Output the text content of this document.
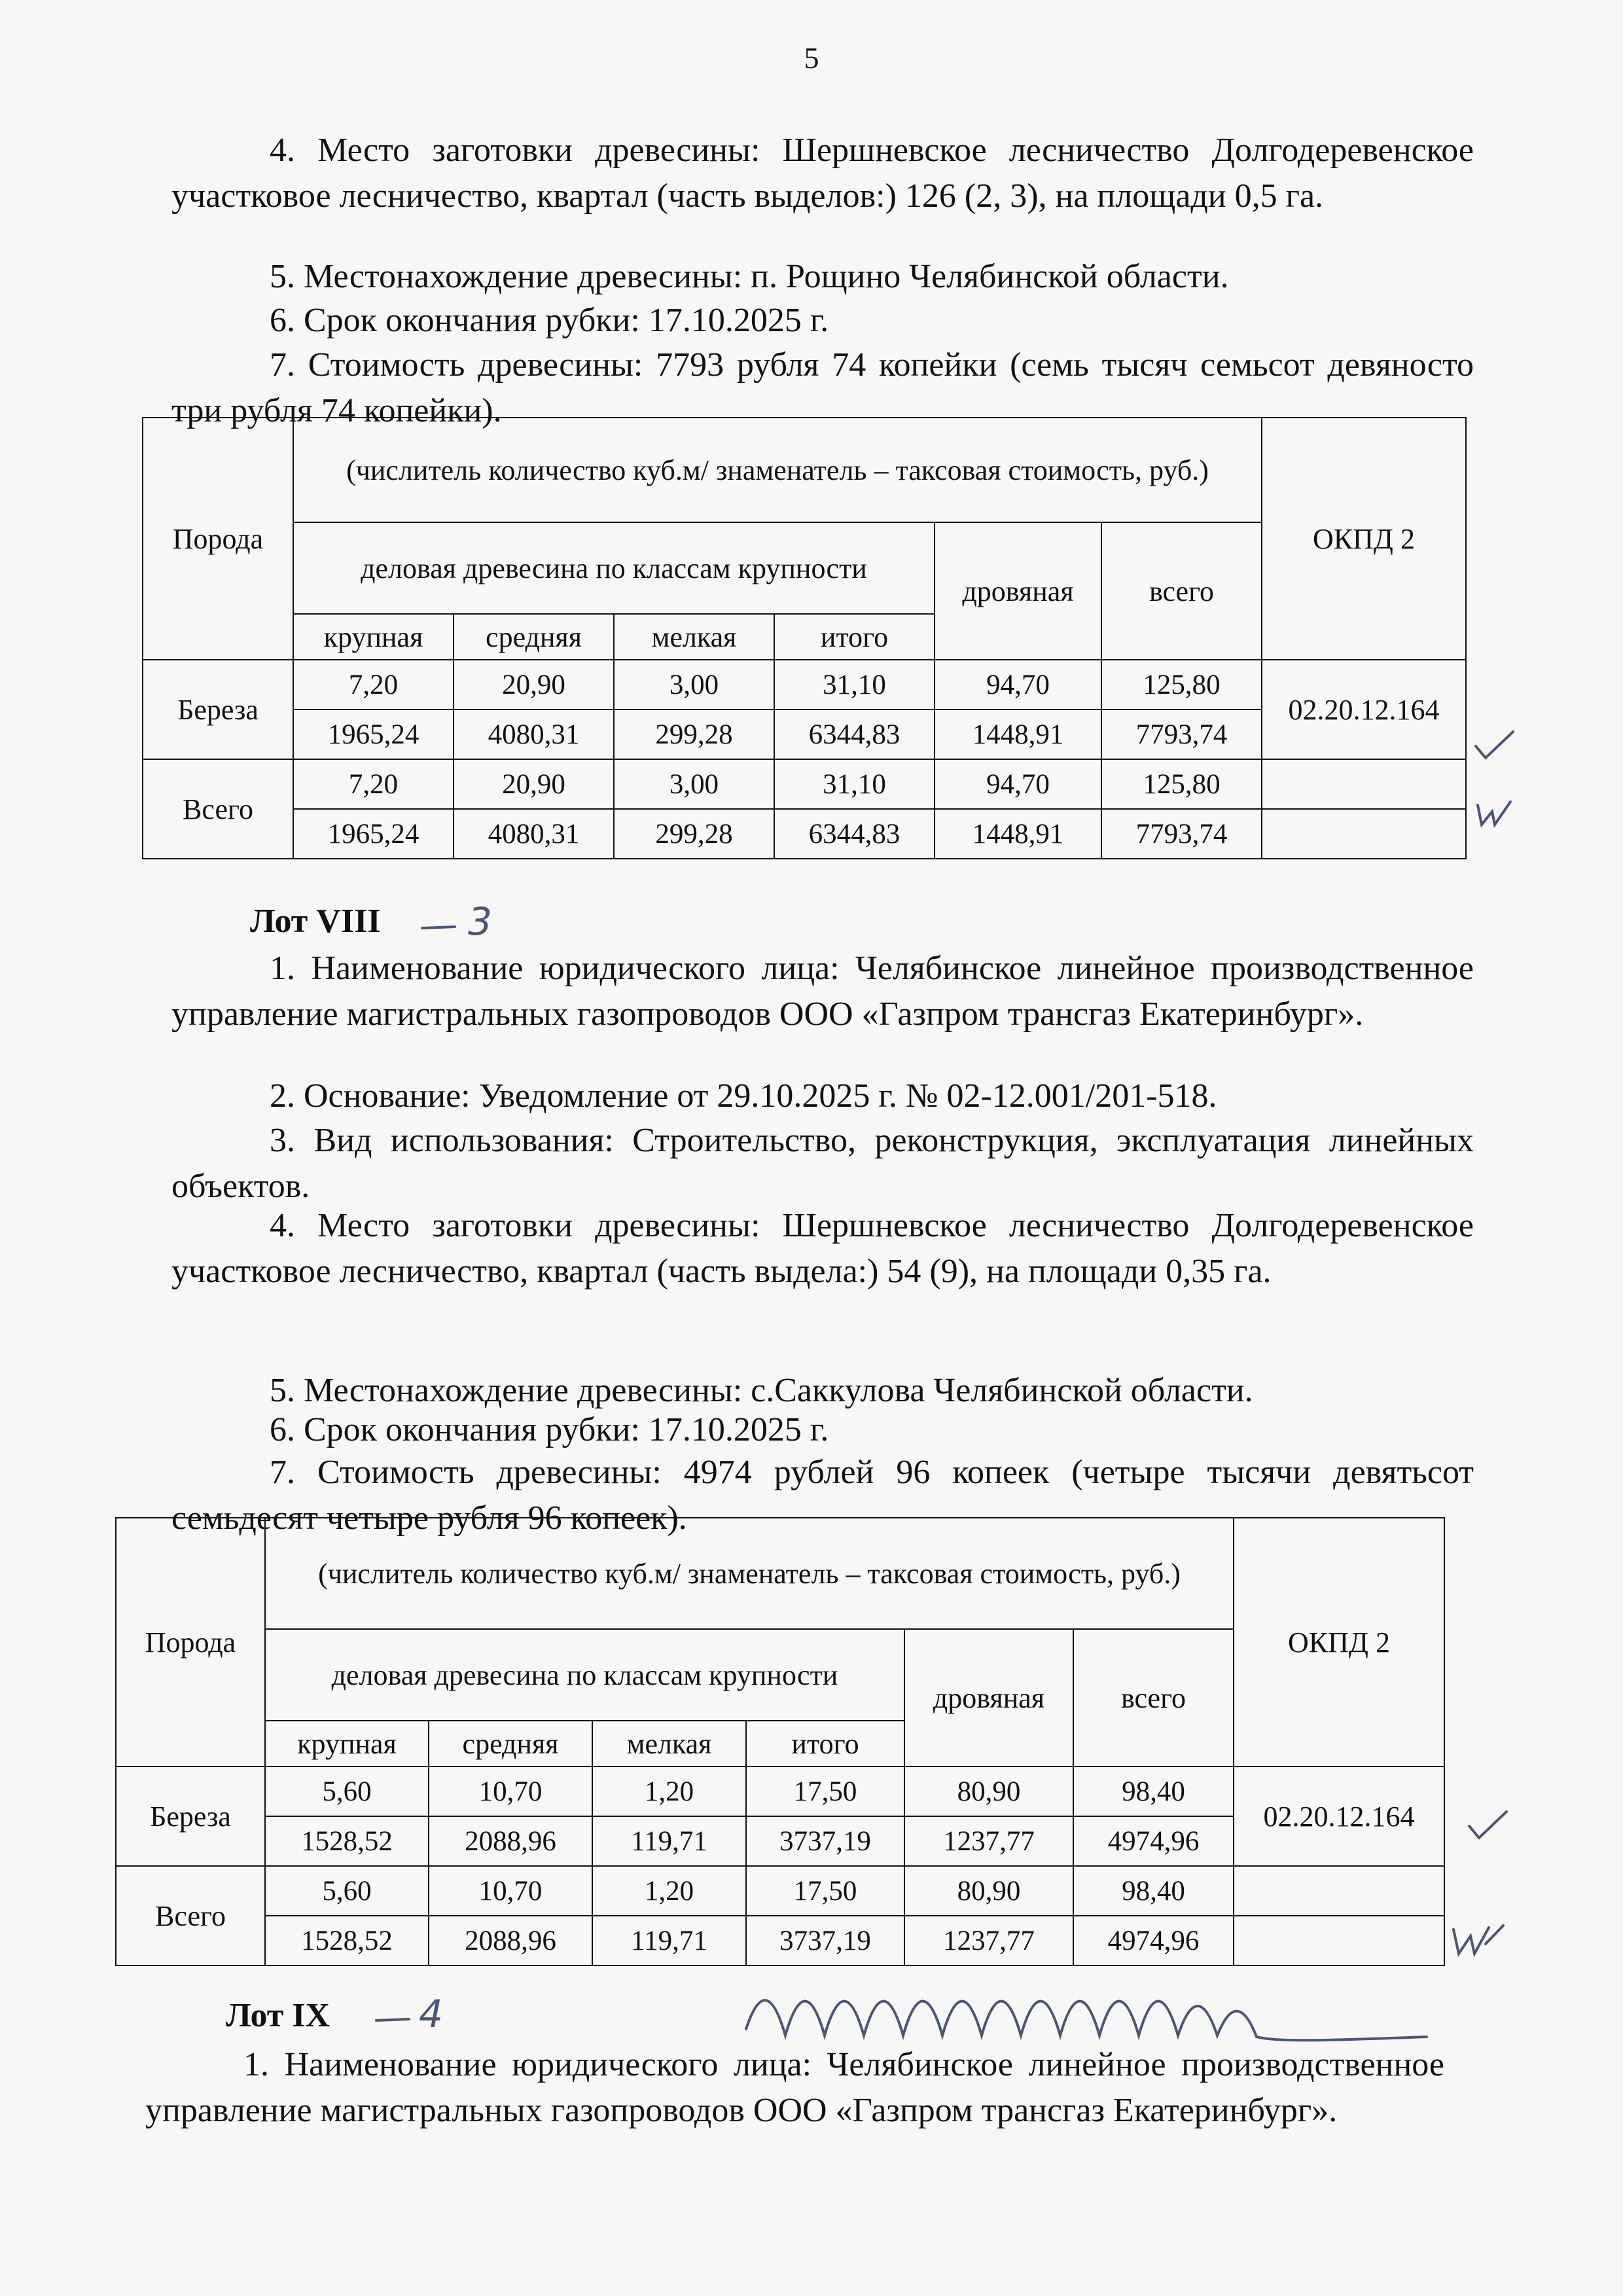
5

4. Место заготовки древесины: Шершневское лесничество Долгодеревенское участковое лесничество, квартал (часть выделов:) 126 (2, 3), на площади 0,5 га.

5. Местонахождение древесины: п. Рощино Челябинской области.

6. Срок окончания рубки: 17.10.2025 г.

7. Стоимость древесины: 7793 рубля 74 копейки (семь тысяч семьсот девяносто три рубля 74 копейки).

Порода	(числитель количество куб.м/ знаменатель – таксовая стоимость, руб.)						ОКПД 2
	деловая древесина по классам крупности				дровяная	всего	
	крупная	средняя	мелкая	итого			
Береза	7,20	20,90	3,00	31,10	94,70	125,80	02.20.12.164
	1965,24	4080,31	299,28	6344,83	1448,91	7793,74	
Всего	7,20	20,90	3,00	31,10	94,70	125,80	
	1965,24	4080,31	299,28	6344,83	1448,91	7793,74	

Лот VIII

1. Наименование юридического лица: Челябинское линейное производственное управление магистральных газопроводов ООО «Газпром трансгаз Екатеринбург».

2. Основание: Уведомление от 29.10.2025 г. № 02-12.001/201-518.

3. Вид использования: Строительство, реконструкция, эксплуатация линейных объектов.

4. Место заготовки древесины: Шершневское лесничество Долгодеревенское участковое лесничество, квартал (часть выдела:) 54 (9), на площади 0,35 га.

5. Местонахождение древесины: с.Саккулова Челябинской области.

6. Срок окончания рубки: 17.10.2025 г.

7. Стоимость древесины: 4974 рублей 96 копеек (четыре тысячи девятьсот семьдесят четыре рубля 96 копеек).

Порода	(числитель количество куб.м/ знаменатель – таксовая стоимость, руб.)						ОКПД 2
	деловая древесина по классам крупности				дровяная	всего	
	крупная	средняя	мелкая	итого			
Береза	5,60	10,70	1,20	17,50	80,90	98,40	02.20.12.164
	1528,52	2088,96	119,71	3737,19	1237,77	4974,96	
Всего	5,60	10,70	1,20	17,50	80,90	98,40	
	1528,52	2088,96	119,71	3737,19	1237,77	4974,96	

Лот IX

1. Наименование юридического лица: Челябинское линейное производственное управление магистральных газопроводов ООО «Газпром трансгаз Екатеринбург».

3
4
